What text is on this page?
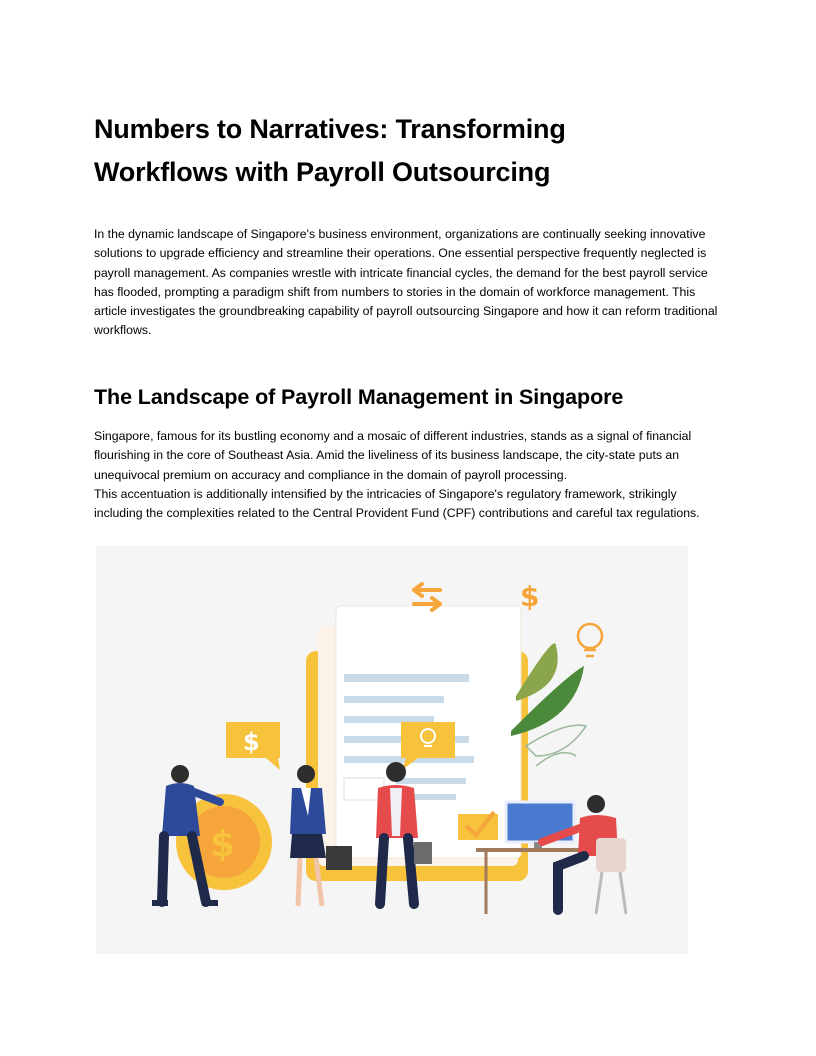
Numbers to Narratives: Transforming
Workflows with Payroll Outsourcing

In the dynamic landscape of Singapore's business environment, organizations are continually seeking innovative solutions to upgrade efficiency and streamline their operations. One essential perspective frequently neglected is payroll management. As companies wrestle with intricate financial cycles, the demand for the best payroll service has flooded, prompting a paradigm shift from numbers to stories in the domain of workforce management. This article investigates the groundbreaking capability of payroll outsourcing Singapore and how it can reform traditional workflows.

The Landscape of Payroll Management in Singapore

Singapore, famous for its bustling economy and a mosaic of different industries, stands as a signal of financial flourishing in the core of Southeast Asia. Amid the liveliness of its business landscape, the city-state puts an unequivocal premium on accuracy and compliance in the domain of payroll processing.

This accentuation is additionally intensified by the intricacies of Singapore's regulatory framework, strikingly including the complexities related to the Central Provident Fund (CPF) contributions and careful tax regulations.

$
$
$
